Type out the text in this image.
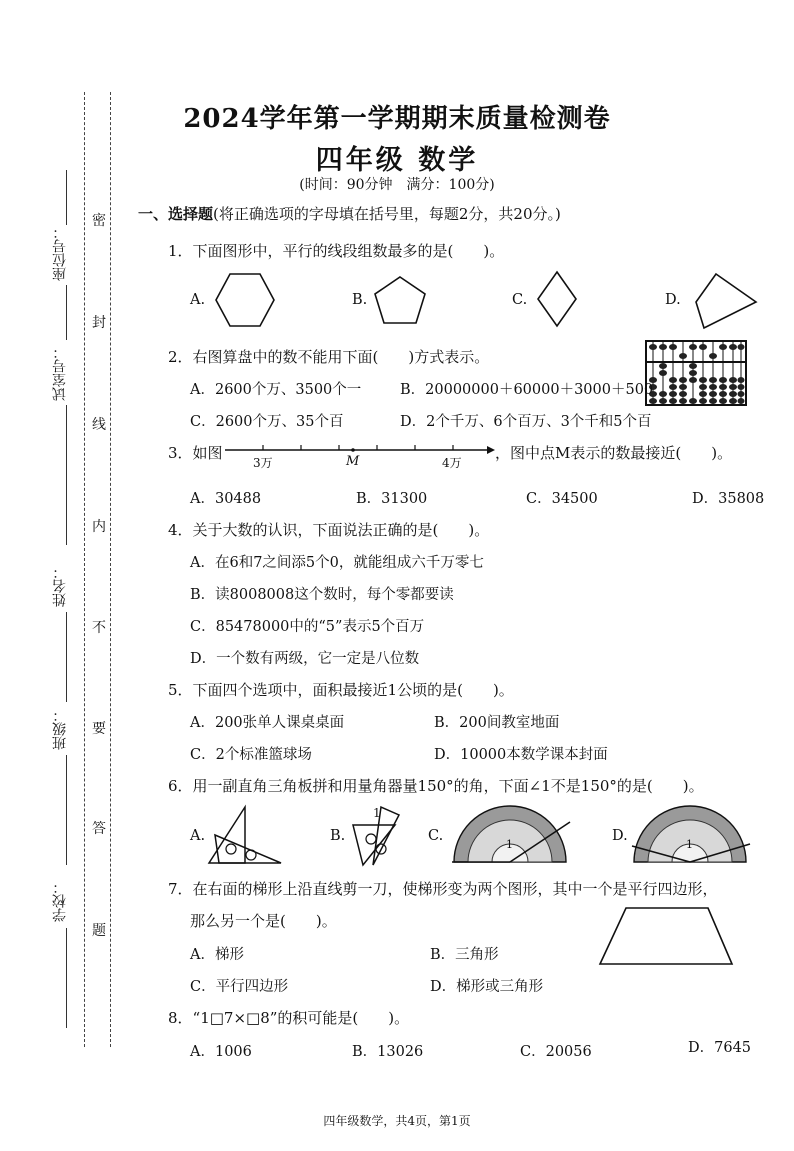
座位号：
试室号：
姓名：
班级：
学校：
密
封
线
内
不
要
答
题
2024学年第一学期期末质量检测卷
四年级 数学
(时间：90分钟　满分：100分)
一、选择题(将正确选项的字母填在括号里，每题2分，共20分。)
1．下面图形中，平行的线段组数最多的是(　　)。
A.	B.	C.	D.
2．右图算盘中的数不能用下面(　　)方式表示。
A．2600个万、3500个一	B．20000000＋60000＋3000＋500
C．2600个万、35个百	D．2个千万、6个百万、3个千和5个百
3．如图
3万	M	4万
，图中点M表示的数最接近(　　)。
A．30488	B．31300	C．34500	D．35808
4．关于大数的认识，下面说法正确的是(　　)。
A．在6和7之间添5个0，就能组成六千万零七
B．读8008008这个数时，每个零都要读
C．85478000中的“5”表示5个百万
D．一个数有两级，它一定是八位数
5．下面四个选项中，面积最接近1公顷的是(　　)。
A．200张单人课桌桌面	B．200间教室地面
C．2个标准篮球场	D．10000本数学课本封面
6．用一副直角三角板拼和用量角器量150°的角，下面∠1不是150°的是(　　)。
A.	B.
1
C.
1
D.
1
7．在右面的梯形上沿直线剪一刀，使梯形变为两个图形，其中一个是平行四边形，
那么另一个是(　　)。
A．梯形	B．三角形
C．平行四边形	D．梯形或三角形
8．“1□7×□8”的积可能是(　　)。
A．1006	B．13026	C．20056	D．7645
四年级数学，共4页，第1页
